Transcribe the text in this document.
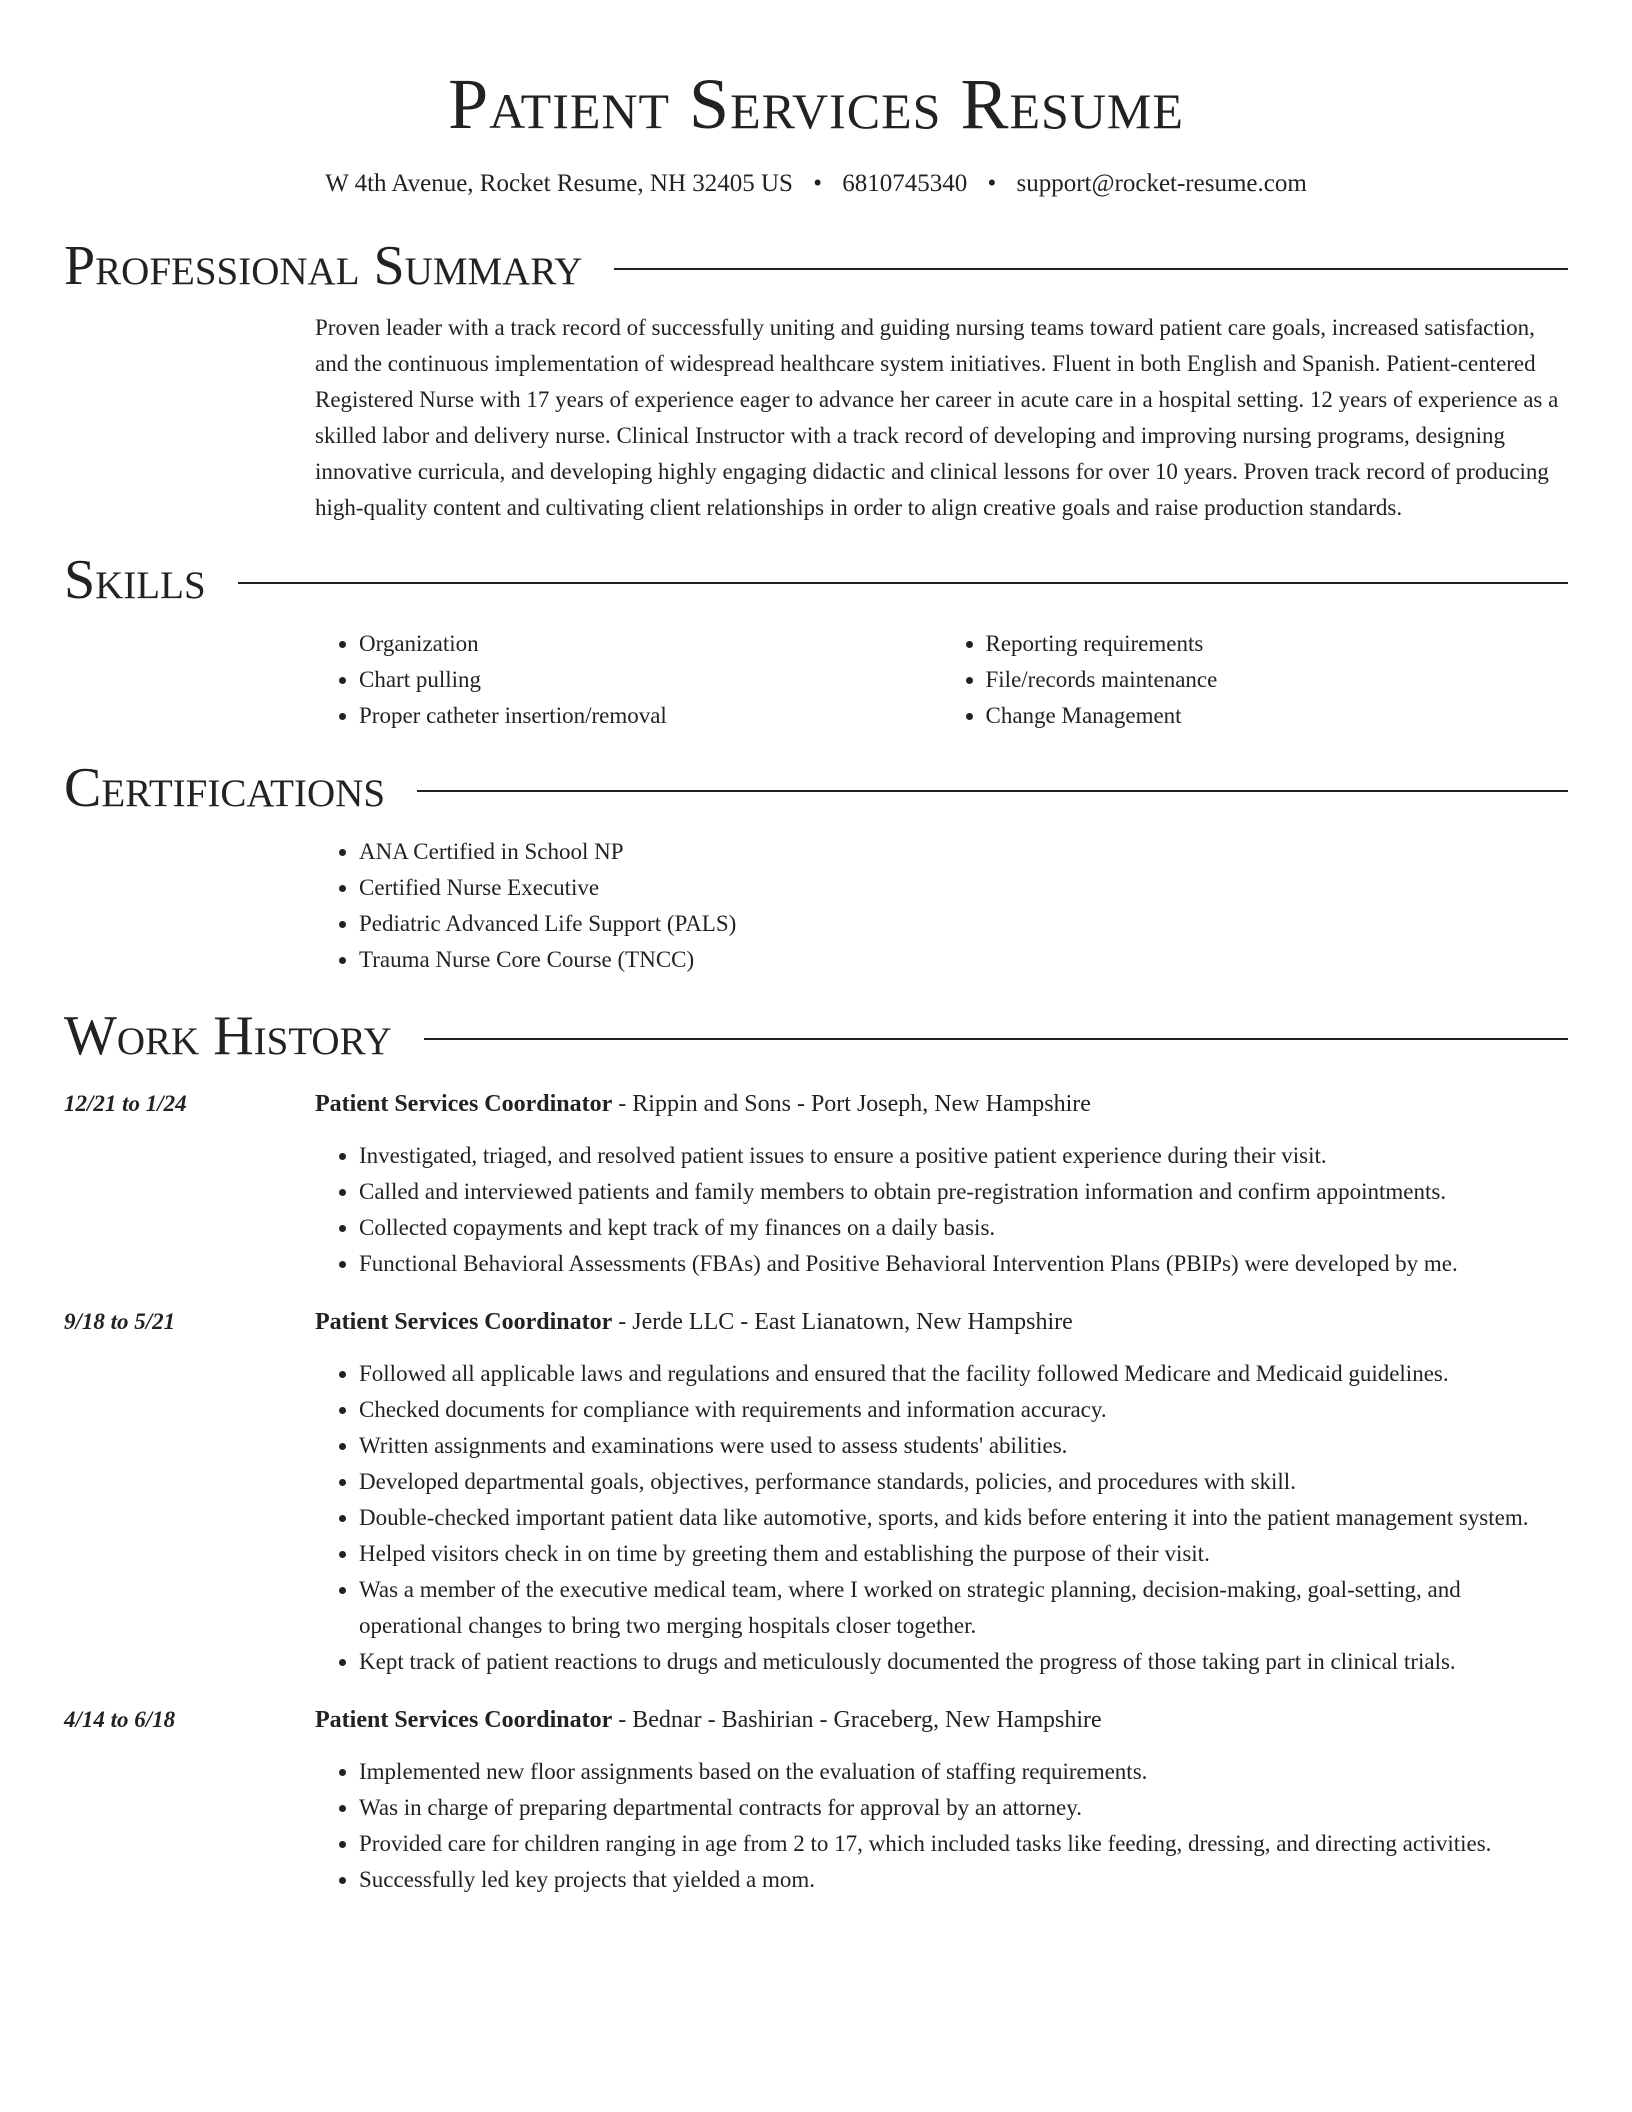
Patient Services Resume
W 4th Avenue, Rocket Resume, NH 32405 US • 6810745340 • support@rocket-resume.com
Professional Summary

Proven leader with a track record of successfully uniting and guiding nursing teams toward patient care goals, increased satisfaction, and the continuous implementation of widespread healthcare system initiatives. Fluent in both English and Spanish. Patient-centered Registered Nurse with 17 years of experience eager to advance her career in acute care in a hospital setting. 12 years of experience as a skilled labor and delivery nurse. Clinical Instructor with a track record of developing and improving nursing programs, designing innovative curricula, and developing highly engaging didactic and clinical lessons for over 10 years. Proven track record of producing high-quality content and cultivating client relationships in order to align creative goals and raise production standards.

Skills
• Organization
• Chart pulling
• Proper catheter insertion/removal
• Reporting requirements
• File/records maintenance
• Change Management
Certifications
• ANA Certified in School NP
• Certified Nurse Executive
• Pediatric Advanced Life Support (PALS)
• Trauma Nurse Core Course (TNCC)
Work History
12/21 to 1/24	Patient Services Coordinator - Rippin and Sons - Port Joseph, New Hampshire
• Investigated, triaged, and resolved patient issues to ensure a positive patient experience during their visit.
• Called and interviewed patients and family members to obtain pre-registration information and confirm appointments.
• Collected copayments and kept track of my finances on a daily basis.
• Functional Behavioral Assessments (FBAs) and Positive Behavioral Intervention Plans (PBIPs) were developed by me.
9/18 to 5/21	Patient Services Coordinator - Jerde LLC - East Lianatown, New Hampshire
• Followed all applicable laws and regulations and ensured that the facility followed Medicare and Medicaid guidelines.
• Checked documents for compliance with requirements and information accuracy.
• Written assignments and examinations were used to assess students' abilities.
• Developed departmental goals, objectives, performance standards, policies, and procedures with skill.
• Double-checked important patient data like automotive, sports, and kids before entering it into the patient management system.
• Helped visitors check in on time by greeting them and establishing the purpose of their visit.
• Was a member of the executive medical team, where I worked on strategic planning, decision-making, goal-setting, and operational changes to bring two merging hospitals closer together.
• Kept track of patient reactions to drugs and meticulously documented the progress of those taking part in clinical trials.
4/14 to 6/18	Patient Services Coordinator - Bednar - Bashirian - Graceberg, New Hampshire
• Implemented new floor assignments based on the evaluation of staffing requirements.
• Was in charge of preparing departmental contracts for approval by an attorney.
• Provided care for children ranging in age from 2 to 17, which included tasks like feeding, dressing, and directing activities.
• Successfully led key projects that yielded a mom.
